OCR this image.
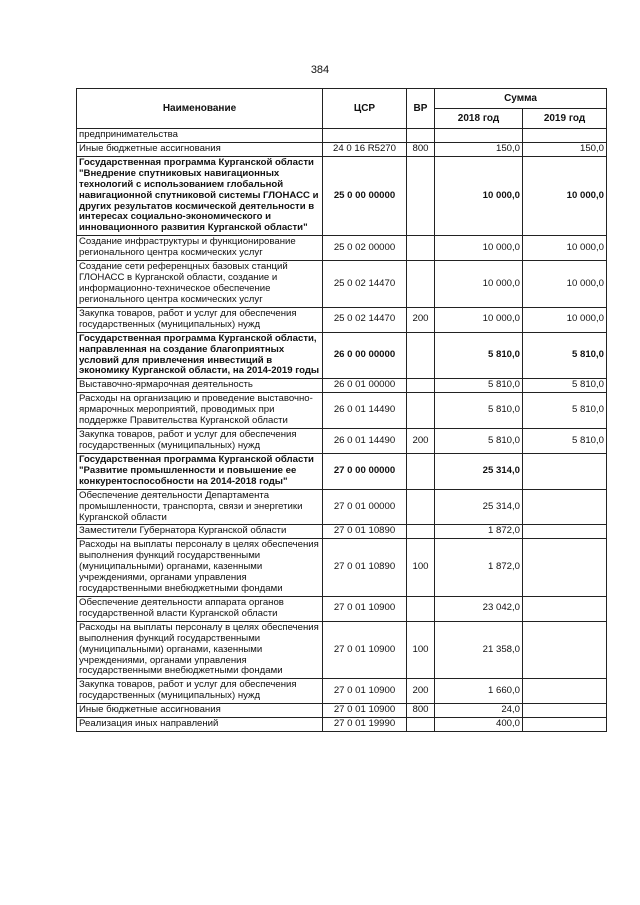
384
Наименование	ЦСР	ВР	Сумма	
			2018 год	2019 год
предпринимательства				
Иные бюджетные ассигнования	24 0 16 R5270	800	150,0	150,0
Государственная программа Курганской области "Внедрение спутниковых навигационных технологий с использованием глобальной навигационной спутниковой системы ГЛОНАСС и других результатов космической деятельности в интересах социально-экономического и инновационного развития Курганской области"	25 0 00 00000		10 000,0	10 000,0
Создание инфраструктуры и функционирование регионального центра космических услуг	25 0 02 00000		10 000,0	10 000,0
Создание сети референцных базовых станций ГЛОНАСС в Курганской области, создание и информационно-техническое обеспечение регионального центра космических услуг	25 0 02 14470		10 000,0	10 000,0
Закупка товаров, работ и услуг для обеспечения государственных (муниципальных) нужд	25 0 02 14470	200	10 000,0	10 000,0
Государственная программа Курганской области, направленная на создание благоприятных условий для привлечения инвестиций в экономику Курганской области, на 2014-2019 годы	26 0 00 00000		5 810,0	5 810,0
Выставочно-ярмарочная деятельность	26 0 01 00000		5 810,0	5 810,0
Расходы на организацию и проведение выставочно-ярмарочных мероприятий, проводимых при поддержке Правительства Курганской области	26 0 01 14490		5 810,0	5 810,0
Закупка товаров, работ и услуг для обеспечения государственных (муниципальных) нужд	26 0 01 14490	200	5 810,0	5 810,0
Государственная программа Курганской области "Развитие промышленности и повышение ее конкурентоспособности на 2014-2018 годы"	27 0 00 00000		25 314,0	
Обеспечение деятельности Департамента промышленности, транспорта, связи и энергетики Курганской области	27 0 01 00000		25 314,0	
Заместители Губернатора Курганской области	27 0 01 10890		1 872,0	
Расходы на выплаты персоналу в целях обеспечения выполнения функций государственными (муниципальными) органами, казенными учреждениями, органами управления государственными внебюджетными фондами	27 0 01 10890	100	1 872,0	
Обеспечение деятельности аппарата органов государственной власти Курганской области	27 0 01 10900		23 042,0	
Расходы на выплаты персоналу в целях обеспечения выполнения функций государственными (муниципальными) органами, казенными учреждениями, органами управления государственными внебюджетными фондами	27 0 01 10900	100	21 358,0	
Закупка товаров, работ и услуг для обеспечения государственных (муниципальных) нужд	27 0 01 10900	200	1 660,0	
Иные бюджетные ассигнования	27 0 01 10900	800	24,0	
Реализация иных направлений	27 0 01 19990		400,0	
